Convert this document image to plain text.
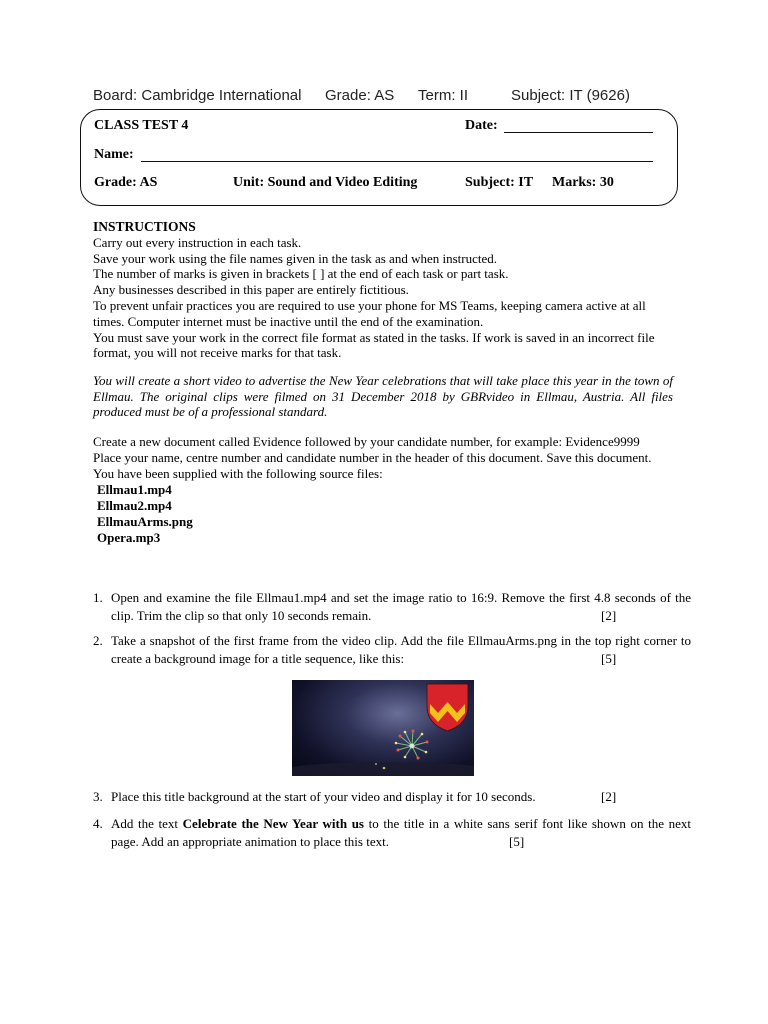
Board: Cambridge International Grade: AS Term: II	Subject: IT (9626)
CLASS TEST 4	Date:
Name:
Grade: AS	Unit: Sound and Video Editing	Subject: IT Marks: 30

INSTRUCTIONS

Carry out every instruction in each task.

Save your work using the file names given in the task as and when instructed.

The number of marks is given in brackets [ ] at the end of each task or part task.

Any businesses described in this paper are entirely fictitious.

To prevent unfair practices you are required to use your phone for MS Teams, keeping camera active at all times. Computer internet must be inactive until the end of the examination.

You must save your work in the correct file format as stated in the tasks. If work is saved in an incorrect file format, you will not receive marks for that task.

You will create a short video to advertise the New Year celebrations that will take place this year in the town of Ellmau. The original clips were filmed on 31 December 2018 by GBRvideo in Ellmau, Austria. All files produced must be of a professional standard.

Create a new document called Evidence followed by your candidate number, for example: Evidence9999

Place your name, centre number and candidate number in the header of this document. Save this document.

You have been supplied with the following source files:

Ellmau1.mp4
Ellmau2.mp4
EllmauArms.png
Opera.mp3
1. Open and examine the file Ellmau1.mp4 and set the image ratio to 16:9. Remove the first 4.8 seconds of the clip. Trim the clip so that only 10 seconds remain.	[2]
2. Take a snapshot of the first frame from the video clip. Add the file EllmauArms.png in the top right corner to create a background image for a title sequence, like this:	[5]
3. Place this title background at the start of your video and display it for 10 seconds.	[2]
4. Add the text Celebrate the New Year with us to the title in a white sans serif font like shown on the next page. Add an appropriate animation to place this text.	[5]
